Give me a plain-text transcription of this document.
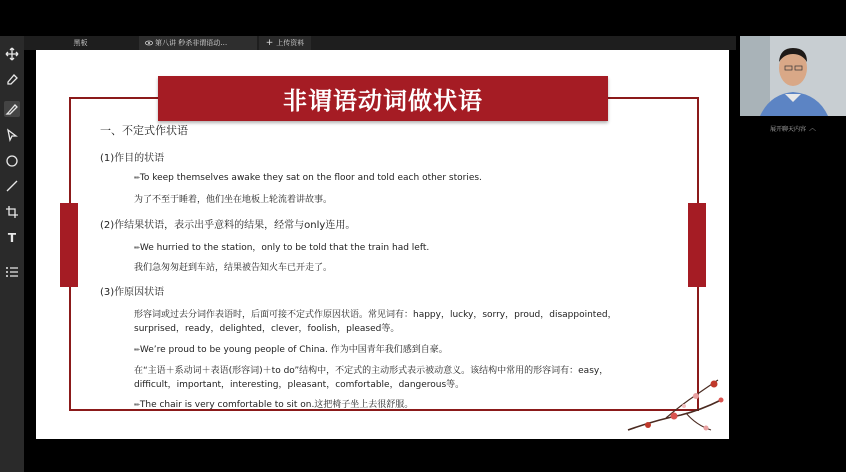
T
黑板	第八讲 秒杀非谓语动…	+ 上传资料
非谓语动词做状语
一、不定式作状语
(1)作目的状语
✏To keep themselves awake they sat on the floor and told each other stories.
为了不至于睡着，他们坐在地板上轮流着讲故事。
(2)作结果状语，表示出乎意料的结果，经常与only连用。
✏We hurried to the station，only to be told that the train had left.
我们急匆匆赶到车站，结果被告知火车已开走了。
(3)作原因状语
形容词或过去分词作表语时，后面可接不定式作原因状语。常见词有：happy，lucky，sorry，proud，disappointed，
surprised，ready，delighted，clever，foolish，pleased等。
✏We’re proud to be young people of China. 作为中国青年我们感到自豪。
在“主语＋系动词＋表语(形容词)＋to do”结构中，不定式的主动形式表示被动意义。该结构中常用的形容词有：easy，
difficult，important，interesting，pleasant，comfortable，dangerous等。
✏The chair is very comfortable to sit on.这把椅子坐上去很舒服。
展开聊天内容 ︿
